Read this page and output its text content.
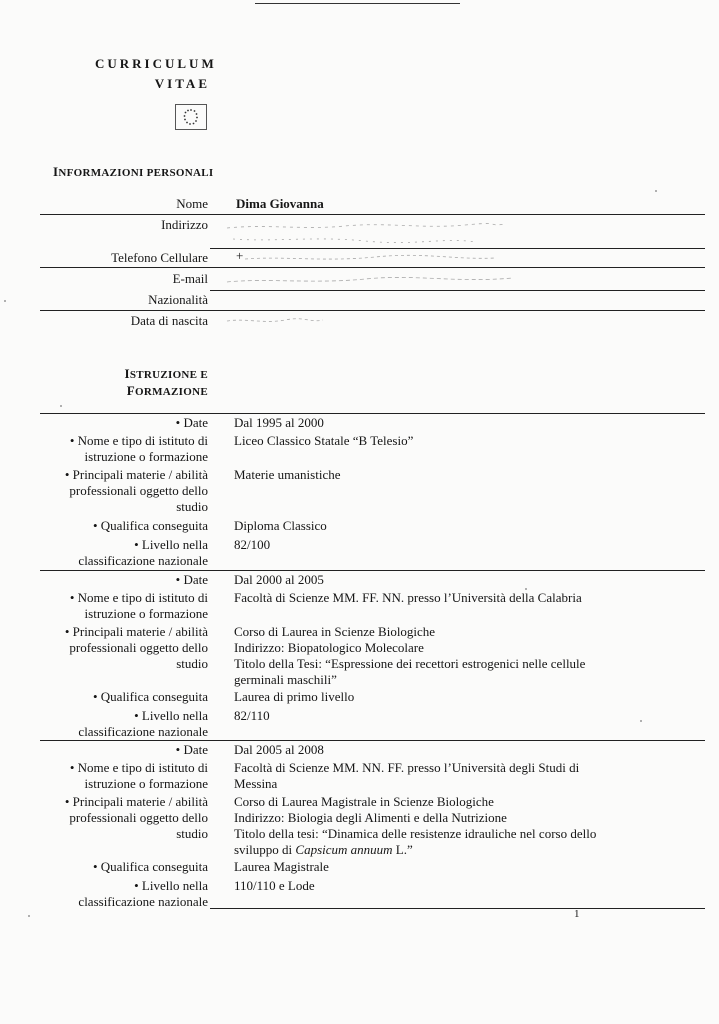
CURRICULUM
VITAE
INFORMAZIONI PERSONALI
Nome Dima Giovanna
Indirizzo
Telefono Cellulare +
E-mail
Nazionalità
Data di nascita
ISTRUZIONE E
FORMAZIONE
• Date Dal 1995 al 2000
• Nome e tipo di istituto di
istruzione o formazione
Liceo Classico Statale “B Telesio”
• Principali materie / abilità
professionali oggetto dello
studio
Materie umanistiche
• Qualifica conseguita Diploma Classico
• Livello nella
classificazione nazionale
82/100
• Date Dal 2000 al 2005
• Nome e tipo di istituto di
istruzione o formazione
Facoltà di Scienze MM. FF. NN. presso l’Università della Calabria
• Principali materie / abilità
professionali oggetto dello
studio
Corso di Laurea in Scienze Biologiche
Indirizzo: Biopatologico Molecolare
Titolo della Tesi: “Espressione dei recettori estrogenici nelle cellule
germinali maschili”
• Qualifica conseguita Laurea di primo livello
• Livello nella
classificazione nazionale
82/110
• Date Dal 2005 al 2008
• Nome e tipo di istituto di
istruzione o formazione
Facoltà di Scienze MM. NN. FF. presso l’Università degli Studi di
Messina
• Principali materie / abilità
professionali oggetto dello
studio
Corso di Laurea Magistrale in Scienze Biologiche
Indirizzo: Biologia degli Alimenti e della Nutrizione
Titolo della tesi: “Dinamica delle resistenze idrauliche nel corso dello
sviluppo di Capsicum annuum L.”
• Qualifica conseguita Laurea Magistrale
• Livello nella
classificazione nazionale
110/110 e Lode
1
